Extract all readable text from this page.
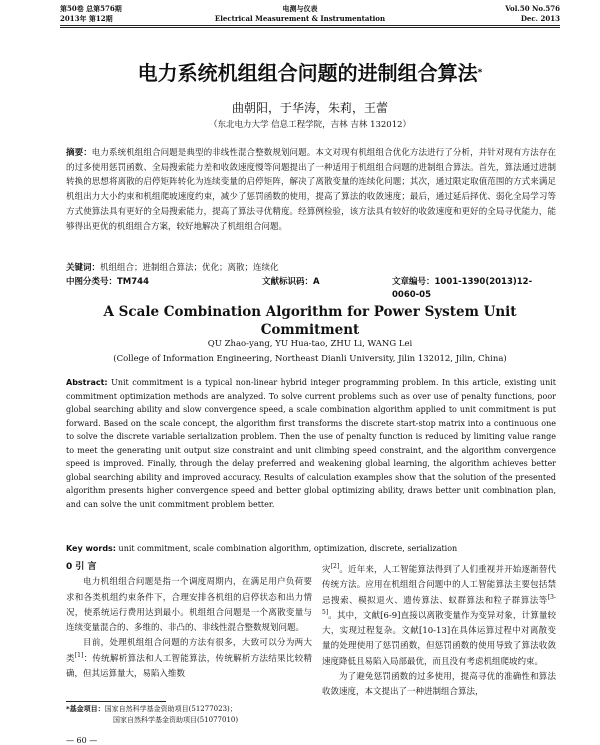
第50卷 总第576期
2013年 第12期
电测与仪表
Electrical Measurement & Instrumentation
Vol.50 No.576
Dec. 2013
电力系统机组组合问题的进制组合算法*
曲朝阳，于华涛，朱莉，王蕾
（东北电力大学 信息工程学院，吉林 吉林 132012）
摘要：电力系统机组组合问题是典型的非线性混合整数规划问题。本文对现有机组组合优化方法进行了分析，并针对现有方法存在的过多使用惩罚函数、全局搜索能力差和收敛速度慢等问题提出了一种适用于机组组合问题的进制组合算法。首先，算法通过进制转换的思想将离散的启停矩阵转化为连续变量的启停矩阵，解决了离散变量的连续化问题；其次，通过限定取值范围的方式来满足机组出力大小约束和机组爬坡速度约束，减少了惩罚函数的使用，提高了算法的收敛速度；最后，通过延后择优、弱化全局学习等方式使算法具有更好的全局搜索能力，提高了算法寻优精度。经算例检验，该方法具有较好的收敛速度和更好的全局寻优能力，能够得出更优的机组组合方案，较好地解决了机组组合问题。
关键词：机组组合；进制组合算法；优化；离散；连续化
中图分类号：TM744	文献标识码：A	文章编号：1001-1390(2013)12-0060-05
A Scale Combination Algorithm for Power System Unit Commitment
QU Zhao-yang, YU Hua-tao, ZHU Li, WANG Lei
(College of Information Engineering, Northeast Dianli University, Jilin 132012, Jilin, China)
Abstract: Unit commitment is a typical non-linear hybrid integer programming problem. In this article, existing unit commitment optimization methods are analyzed. To solve current problems such as over use of penalty functions, poor global searching ability and slow convergence speed, a scale combination algorithm applied to unit commitment is put forward. Based on the scale concept, the algorithm first transforms the discrete start-stop matrix into a continuous one to solve the discrete variable serialization problem. Then the use of penalty function is reduced by limiting value range to meet the generating unit output size constraint and unit climbing speed constraint, and the algorithm convergence speed is improved. Finally, through the delay preferred and weakening global learning, the algorithm achieves better global searching ability and improved accuracy. Results of calculation examples show that the solution of the presented algorithm presents higher convergence speed and better global optimizing ability, draws better unit combination plan, and can solve the unit commitment problem better.
Key words: unit commitment, scale combination algorithm, optimization, discrete, serialization

0 引 言

电力机组组合问题是指一个调度周期内，在满足用户负荷要求和各类机组约束条件下，合理安排各机组的启停状态和出力情况，使系统运行费用达到最小。机组组合问题是一个离散变量与连续变量混合的、多维的、非凸的、非线性混合整数规划问题。

目前，处理机组组合问题的方法有很多，大致可以分为两大类[1]：传统解析算法和人工智能算法，传统解析方法结果比较精确，但其运算量大，易陷入维数

灾[2]。近年来，人工智能算法得到了人们重视并开始逐渐替代传统方法。应用在机组组合问题中的人工智能算法主要包括禁忌搜索、模拟退火、遗传算法、蚁群算法和粒子群算法等[3-5]。其中，文献[6-9]直接以离散变量作为变异对象，计算量较大，实现过程复杂。文献[10-13]在具体运算过程中对离散变量的处理使用了惩罚函数，但惩罚函数的使用导致了算法收敛速度降低且易陷入局部最优，而且没有考虑机组爬坡约束。

为了避免惩罚函数的过多使用，提高寻优的准确性和算法收敛速度，本文提出了一种进制组合算法，

*基金项目：国家自然科学基金资助项目(51277023)；
国家自然科学基金资助项目(51077010)
— 60 —
